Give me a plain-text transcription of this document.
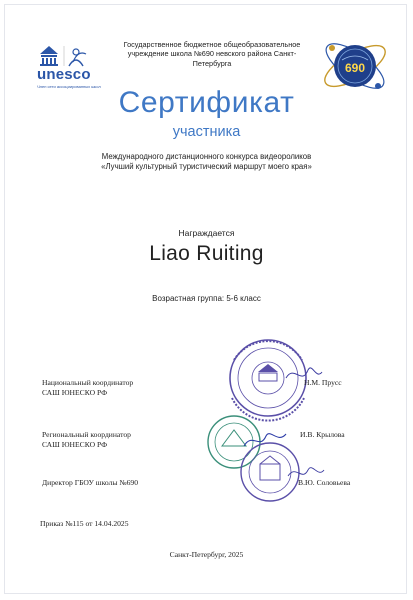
unesco
Член сети ассоциированных школ
Государственное бюджетное общеобразовательное
учреждение школа №690 невского района Санкт-
Петербурга	690
Сертификат
участника
Международного дистанционного конкурса видеороликов
«Лучший культурный туристический маршрут моего края»
Награждается
Liao Ruiting
Возрастная группа: 5-6 класс
Национальный координатор
САШ ЮНЕСКО РФ
Н.М. Прусс
Региональный координатор
САШ ЮНЕСКО РФ
И.В. Крылова
Директор ГБОУ школы №690	В.Ю. Соловьева
Приказ №115 от 14.04.2025
Санкт-Петербург, 2025
